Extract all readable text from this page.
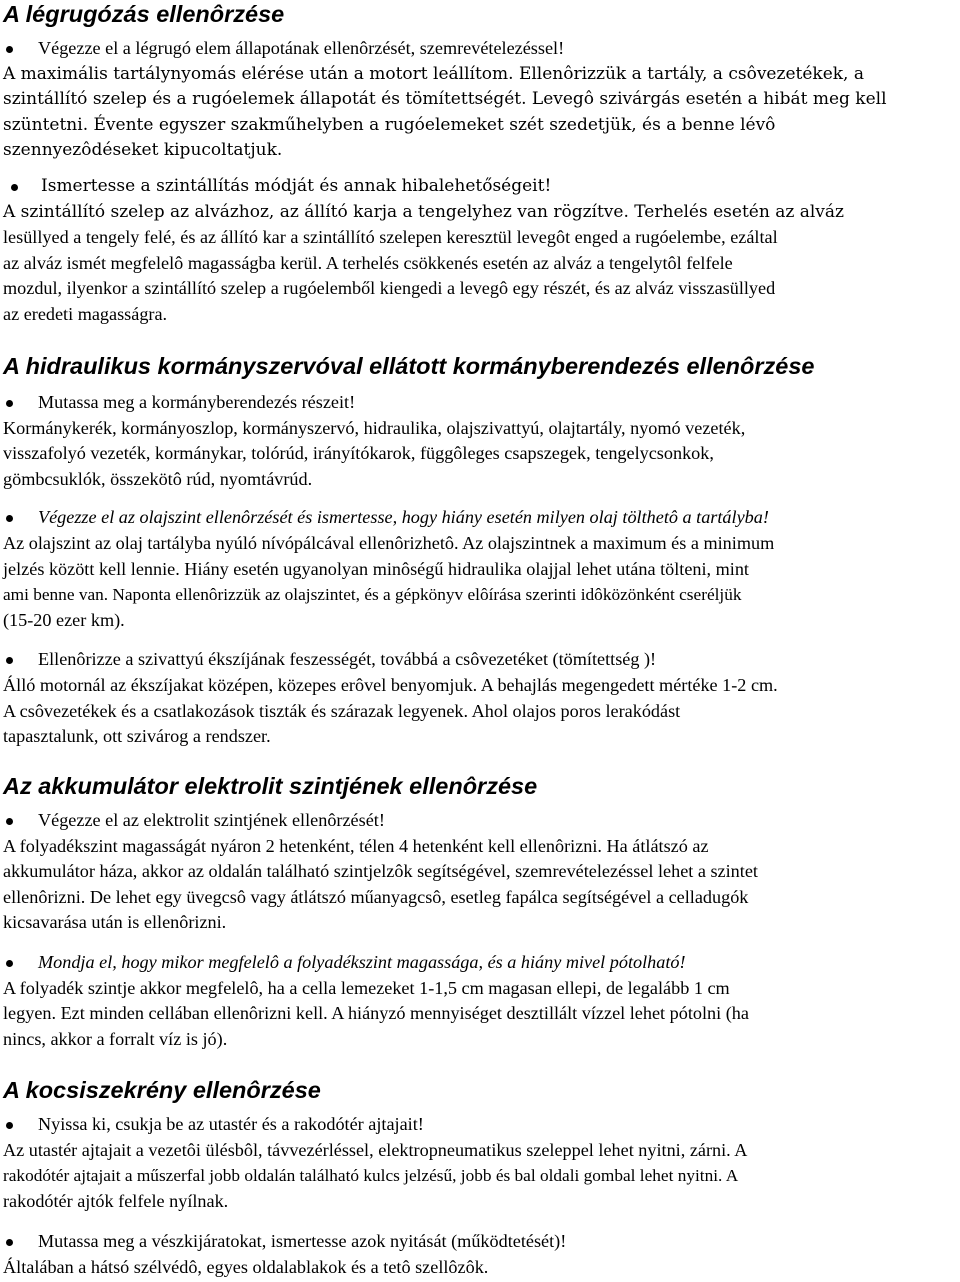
A légrugózás ellenôrzése
Végezze el a légrugó elem állapotának ellenôrzését, szemrevételezéssel!

A maximális tartálynyomás elérése után a motort leállítom. Ellenôrizzük a tartály, a csôvezetékek, a

szintállító szelep és a rugóelemek állapotát és tömítettségét. Levegô szivárgás esetén a hibát meg kell

szüntetni. Évente egyszer szakműhelyben a rugóelemeket szét szedetjük, és a benne lévô

szennyezôdéseket kipucoltatjuk.

Ismertesse a szintállítás módját és annak hibalehetőségeit!

A szintállító szelep az alvázhoz, az állító karja a tengelyhez van rögzítve. Terhelés esetén az alváz

lesüllyed a tengely felé, és az állító kar a szintállító szelepen keresztül levegôt enged a rugóelembe, ezáltal

az alváz ismét megfelelô magasságba kerül. A terhelés csökkenés esetén az alváz a tengelytôl felfele

mozdul, ilyenkor a szintállító szelep a rugóelemből kiengedi a levegô egy részét, és az alváz visszasüllyed

az eredeti magasságra.

A hidraulikus kormányszervóval ellátott kormányberendezés ellenôrzése
Mutassa meg a kormányberendezés részeit!

Kormánykerék, kormányoszlop, kormányszervó, hidraulika, olajszivattyú, olajtartály, nyomó vezeték,

visszafolyó vezeték, kormánykar, tolórúd, irányítókarok, függôleges csapszegek, tengelycsonkok,

gömbcsuklók, összekötô rúd, nyomtávrúd.

Végezze el az olajszint ellenôrzését és ismertesse, hogy hiány esetén milyen olaj tölthetô a tartályba!

Az olajszint az olaj tartályba nyúló nívópálcával ellenôrizhetô. Az olajszintnek a maximum és a minimum

jelzés között kell lennie. Hiány esetén ugyanolyan minôségű hidraulika olajjal lehet utána tölteni, mint

ami benne van. Naponta ellenôrizzük az olajszintet, és a gépkönyv elôírása szerinti idôközönként cseréljük

(15-20 ezer km).

Ellenôrizze a szivattyú ékszíjának feszességét, továbbá a csôvezetéket (tömítettség )!

Álló motornál az ékszíjakat középen, közepes erôvel benyomjuk. A behajlás megengedett mértéke 1-2 cm.

A csôvezetékek és a csatlakozások tiszták és szárazak legyenek. Ahol olajos poros lerakódást

tapasztalunk, ott szivárog a rendszer.

Az akkumulátor elektrolit szintjének ellenôrzése
Végezze el az elektrolit szintjének ellenôrzését!

A folyadékszint magasságát nyáron 2 hetenként, télen 4 hetenként kell ellenôrizni. Ha átlátszó az

akkumulátor háza, akkor az oldalán található szintjelzôk segítségével, szemrevételezéssel lehet a szintet

ellenôrizni. De lehet egy üvegcsô vagy átlátszó műanyagcsô, esetleg fapálca segítségével a celladugók

kicsavarása után is ellenôrizni.

Mondja el, hogy mikor megfelelô a folyadékszint magassága, és a hiány mivel pótolható!

A folyadék szintje akkor megfelelô, ha a cella lemezeket 1-1,5 cm magasan ellepi, de legalább 1 cm

legyen. Ezt minden cellában ellenôrizni kell. A hiányzó mennyiséget desztillált vízzel lehet pótolni (ha

nincs, akkor a forralt víz is jó).

A kocsiszekrény ellenôrzése
Nyissa ki, csukja be az utastér és a rakodótér ajtajait!

Az utastér ajtajait a vezetôi ülésbôl, távvezérléssel, elektropneumatikus szeleppel lehet nyitni, zárni. A

rakodótér ajtajait a műszerfal jobb oldalán található kulcs jelzésű, jobb és bal oldali gombal lehet nyitni. A

rakodótér ajtók felfele nyílnak.

Mutassa meg a vészkijáratokat, ismertesse azok nyitását (működtetését)!

Általában a hátsó szélvédô, egyes oldalablakok és a tetô szellôzôk.
